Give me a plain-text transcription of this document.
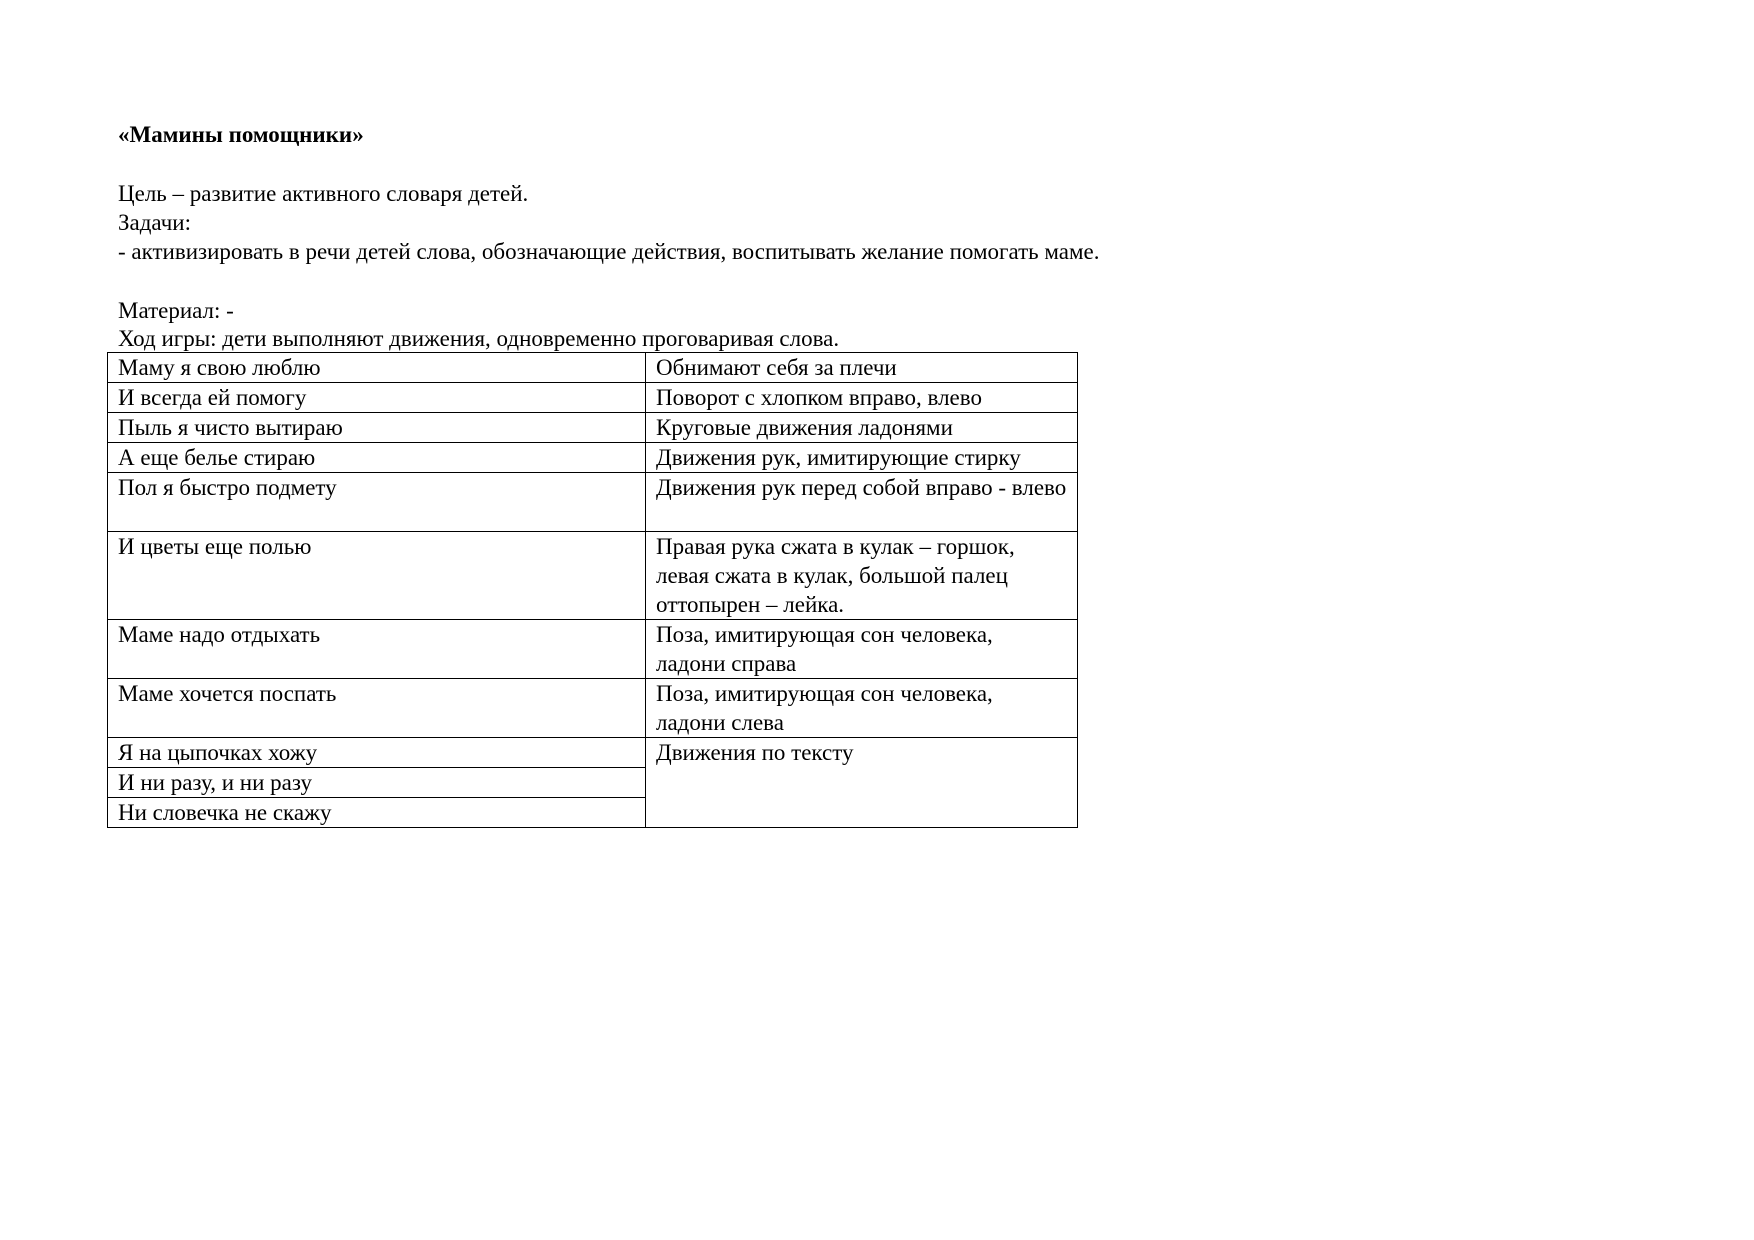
«Мамины помощники»
Цель – развитие активного словаря детей.
Задачи:
- активизировать в речи детей слова, обозначающие действия, воспитывать желание помогать маме.
Материал: -
Ход игры: дети выполняют движения, одновременно проговаривая слова.
Маму я свою люблю	Обнимают себя за плечи

И всегда ей помогу	Поворот с хлопком вправо, влево

Пыль я чисто вытираю	Круговые движения ладонями

А еще белье стираю	Движения рук, имитирующие стирку

Пол я быстро подмету	Движения рук перед собой вправо - влево

И цветы еще полью	Правая рука сжата в кулак – горшок, левая сжата в кулак, большой палец оттопырен – лейка.

Маме надо отдыхать	Поза, имитирующая сон человека, ладони справа

Маме хочется поспать	Поза, имитирующая сон человека, ладони слева

Я на цыпочках хожу	Движения по тексту

И ни разу, и ни разу	

Ни словечка не скажу	
